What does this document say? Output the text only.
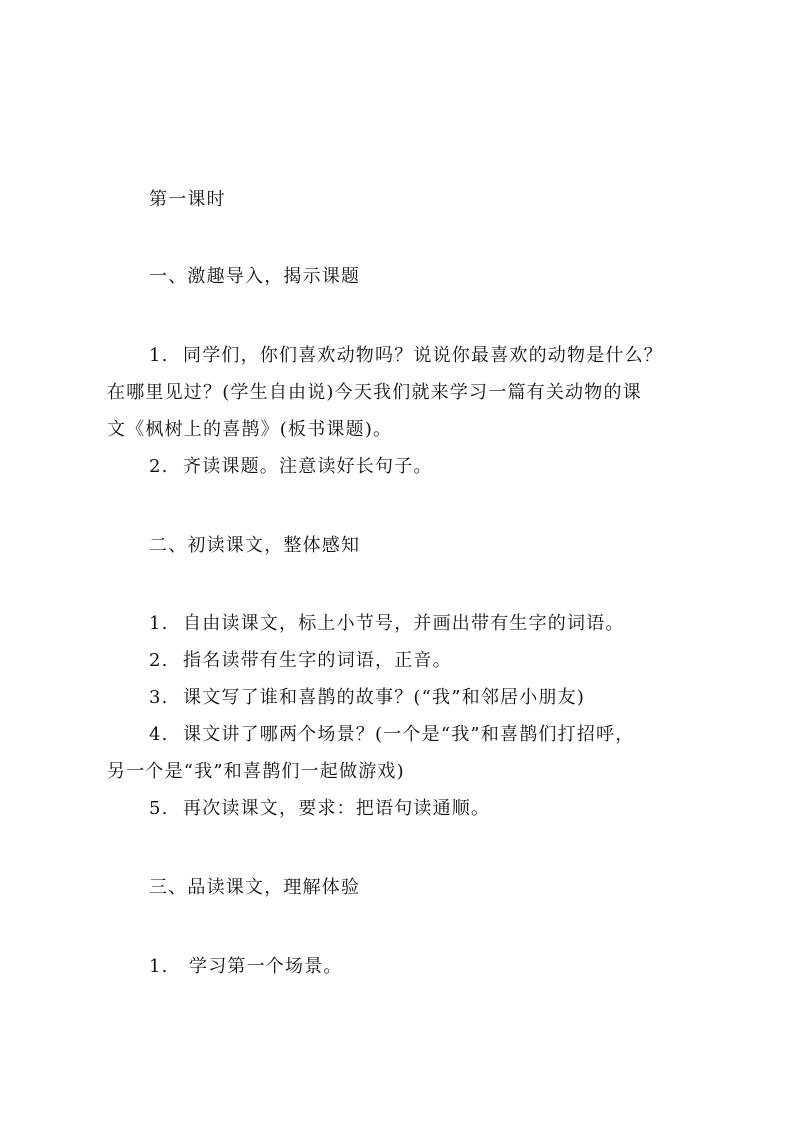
第一课时
一、激趣导入，揭示课题
1. 同学们，你们喜欢动物吗？说说你最喜欢的动物是什么？
在哪里见过？(学生自由说)今天我们就来学习一篇有关动物的课
文《枫树上的喜鹊》(板书课题)。
2. 齐读课题。注意读好长句子。
二、初读课文，整体感知
1. 自由读课文，标上小节号，并画出带有生字的词语。
2. 指名读带有生字的词语，正音。
3. 课文写了谁和喜鹊的故事？(“我”和邻居小朋友)
4. 课文讲了哪两个场景？(一个是“我”和喜鹊们打招呼，
另一个是“我”和喜鹊们一起做游戏)
5. 再次读课文，要求：把语句读通顺。
三、品读课文，理解体验
1. 学习第一个场景。
